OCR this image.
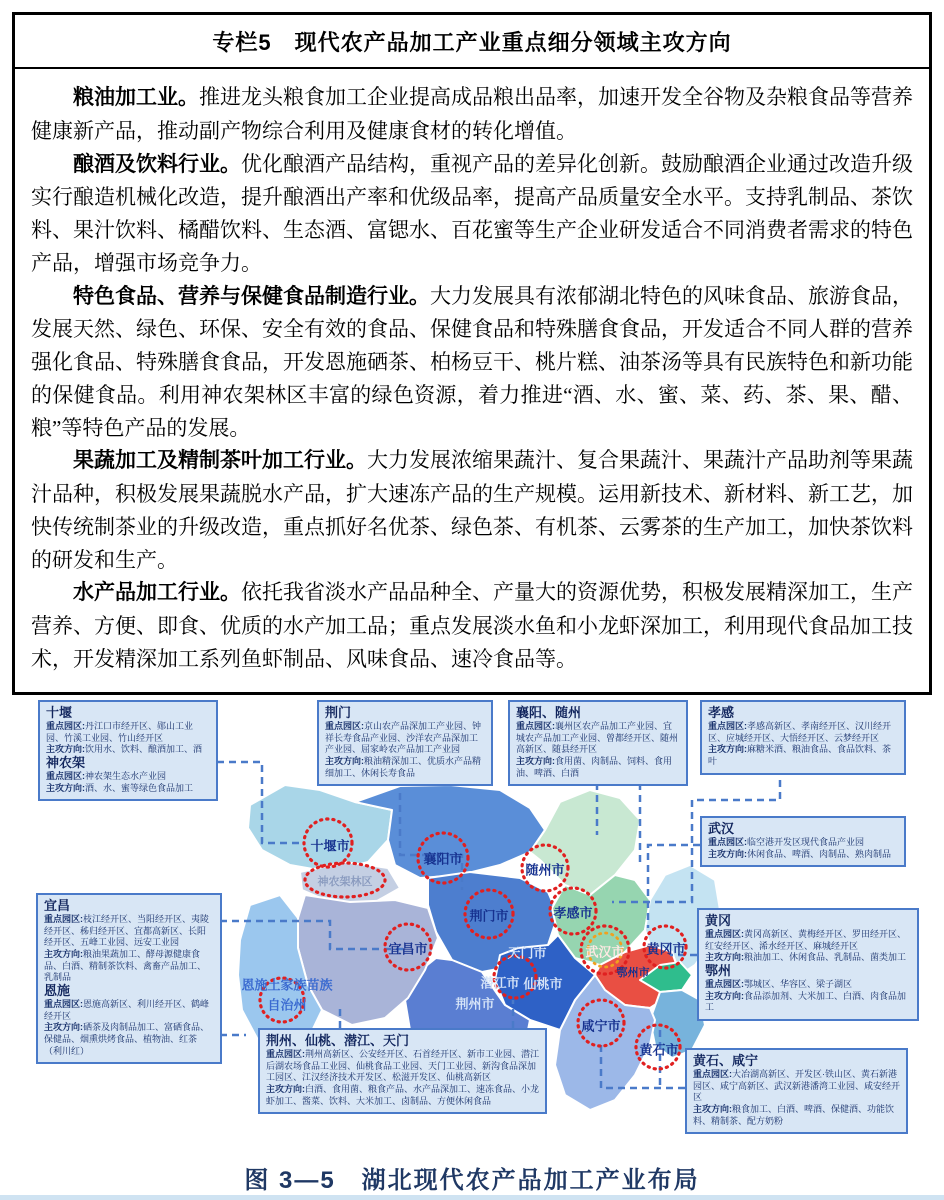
专栏5　现代农产品加工产业重点细分领域主攻方向

粮油加工业。推进龙头粮食加工企业提高成品粮出品率，加速开发全谷物及杂粮食品等营养健康新产品，推动副产物综合利用及健康食材的转化增值。

酿酒及饮料行业。优化酿酒产品结构，重视产品的差异化创新。鼓励酿酒企业通过改造升级实行酿造机械化改造，提升酿酒出产率和优级品率，提高产品质量安全水平。支持乳制品、茶饮料、果汁饮料、橘醋饮料、生态酒、富锶水、百花蜜等生产企业研发适合不同消费者需求的特色产品，增强市场竞争力。

特色食品、营养与保健食品制造行业。大力发展具有浓郁湖北特色的风味食品、旅游食品，发展天然、绿色、环保、安全有效的食品、保健食品和特殊膳食食品，开发适合不同人群的营养强化食品、特殊膳食食品，开发恩施硒茶、柏杨豆干、桃片糕、油茶汤等具有民族特色和新功能的保健食品。利用神农架林区丰富的绿色资源，着力推进“酒、水、蜜、菜、药、茶、果、醋、粮”等特色产品的发展。

果蔬加工及精制茶叶加工行业。大力发展浓缩果蔬汁、复合果蔬汁、果蔬汁产品助剂等果蔬汁品种，积极发展果蔬脱水产品，扩大速冻产品的生产规模。运用新技术、新材料、新工艺，加快传统制茶业的升级改造，重点抓好名优茶、绿色茶、有机茶、云雾茶的生产加工，加快茶饮料的研发和生产。

水产品加工行业。依托我省淡水产品品种全、产量大的资源优势，积极发展精深加工，生产营养、方便、即食、优质的水产加工品；重点发展淡水鱼和小龙虾深加工，利用现代食品加工技术，开发精深加工系列鱼虾制品、风味食品、速冷食品等。

十堰市
神农架林区
襄阳市
随州市
荆门市	孝感市
宜昌市
恩施土家族苗族自治州
天门市
潜江市 仙桃市
荆州市
武汉市
鄂州市
黄冈市
黄石市
咸宁市
十堰
重点园区:丹江口市经开区、郧山工业园、竹溪工业园、竹山经开区
主攻方向:饮用水、饮料、酿酒加工、酒
神农架
重点园区:神农架生态水产业园
主攻方向:酒、水、蜜等绿色食品加工
荆门
重点园区:京山农产品深加工产业园、钟祥长寿食品产业园、沙洋农产品深加工产业园、屈家岭农产品加工产业园
主攻方向:粮油精深加工、优质水产品精细加工、休闲长寿食品
襄阳、随州
重点园区:襄州区农产品加工产业园、宜城农产品加工产业园、曾都经开区、随州高新区、随县经开区
主攻方向:食用菌、肉制品、饲料、食用油、啤酒、白酒
孝感
重点园区:孝感高新区、孝南经开区、汉川经开区、应城经开区、大悟经开区、云梦经开区
主攻方向:麻糖米酒、粮油食品、食品饮料、茶叶
武汉
重点园区:临空港开发区现代食品产业园
主攻方向:休闲食品、啤酒、肉制品、熟肉制品
黄冈
重点园区:黄冈高新区、黄梅经开区、罗田经开区、红安经开区、浠水经开区、麻城经开区
主攻方向:粮油加工、休闲食品、乳制品、菌类加工
鄂州
重点园区:鄂城区、华容区、梁子湖区
主攻方向:食品添加剂、大米加工、白酒、肉食品加工
黄石、咸宁
重点园区:大冶湖高新区、开发区·铁山区、黄石新港园区、咸宁高新区、武汉新港潘湾工业园、咸安经开区
主攻方向:粮食加工、白酒、啤酒、保健酒、功能饮料、精制茶、配方奶粉
宜昌
重点园区:枝江经开区、当阳经开区、夷陵经开区、秭归经开区、宜都高新区、长阳经开区、五峰工业园、远安工业园
主攻方向:粮油果蔬加工、酵母源健康食品、白酒、精制茶饮料、禽畜产品加工、乳制品
恩施
重点园区:恩施高新区、利川经开区、鹤峰经开区
主攻方向:硒茶及肉制品加工、富硒食品、保健品、烟熏烘烤食品、植物油、红茶（利川红）
荆州、仙桃、潜江、天门
重点园区:荆州高新区、公安经开区、石首经开区、新市工业园、潜江后湖农场食品工业园、仙桃食品工业园、天门工业园、新沟食品深加工园区、江汉经济技术开发区、松滋开发区、仙桃高新区
主攻方向:白酒、食用菌、粮食产品、水产品深加工、速冻食品、小龙虾加工、酱菜、饮料、大米加工、卤制品、方便休闲食品
图 3—5　湖北现代农产品加工产业布局
